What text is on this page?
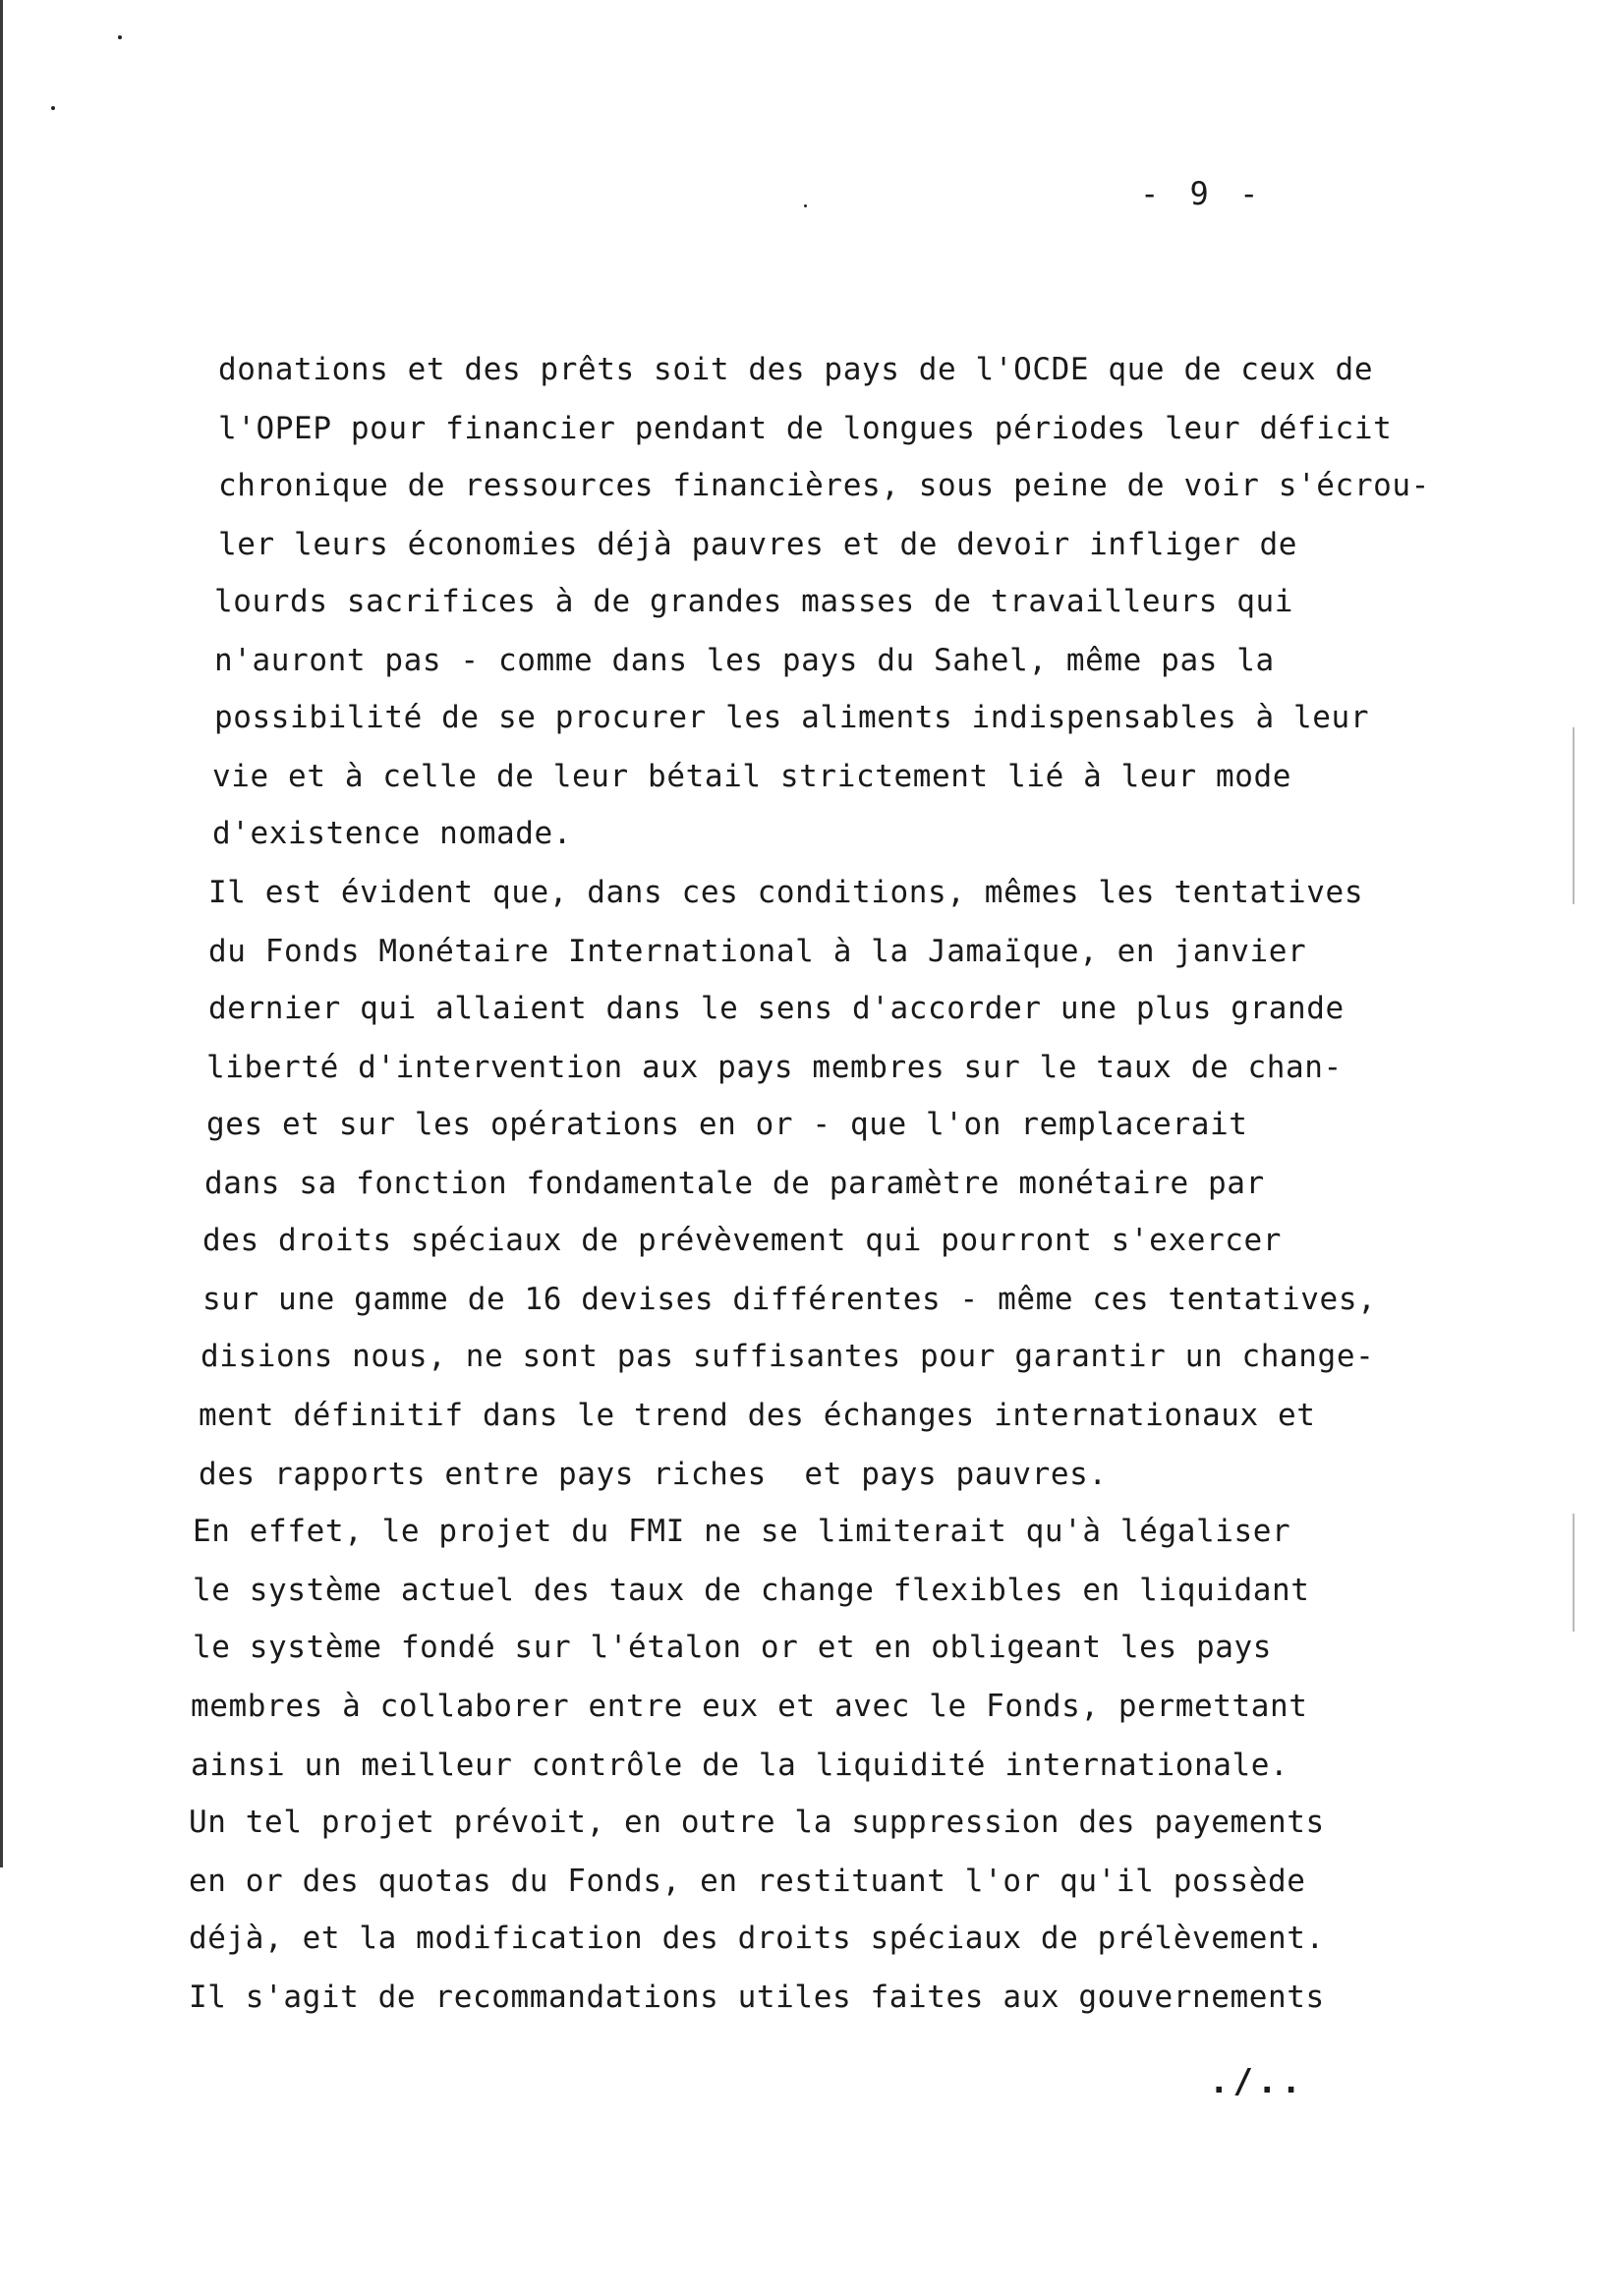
- 9 -
donations et des prêts soit des pays de l'OCDE que de ceux de
l'OPEP pour financier pendant de longues périodes leur déficit
chronique de ressources financières, sous peine de voir s'écrou-
ler leurs économies déjà pauvres et de devoir infliger de
lourds sacrifices à de grandes masses de travailleurs qui
n'auront pas - comme dans les pays du Sahel, même pas la
possibilité de se procurer les aliments indispensables à leur
vie et à celle de leur bétail strictement lié à leur mode
d'existence nomade.
Il est évident que, dans ces conditions, mêmes les tentatives
du Fonds Monétaire International à la Jamaïque, en janvier
dernier qui allaient dans le sens d'accorder une plus grande
liberté d'intervention aux pays membres sur le taux de chan-
ges et sur les opérations en or - que l'on remplacerait
dans sa fonction fondamentale de paramètre monétaire par
des droits spéciaux de prévèvement qui pourront s'exercer
sur une gamme de 16 devises différentes - même ces tentatives,
disions nous, ne sont pas suffisantes pour garantir un change-
ment définitif dans le trend des échanges internationaux et
des rapports entre pays riches  et pays pauvres.
En effet, le projet du FMI ne se limiterait qu'à légaliser
le système actuel des taux de change flexibles en liquidant
le système fondé sur l'étalon or et en obligeant les pays
membres à collaborer entre eux et avec le Fonds, permettant
ainsi un meilleur contrôle de la liquidité internationale.
Un tel projet prévoit, en outre la suppression des payements
en or des quotas du Fonds, en restituant l'or qu'il possède
déjà, et la modification des droits spéciaux de prélèvement.
Il s'agit de recommandations utiles faites aux gouvernements
./..
